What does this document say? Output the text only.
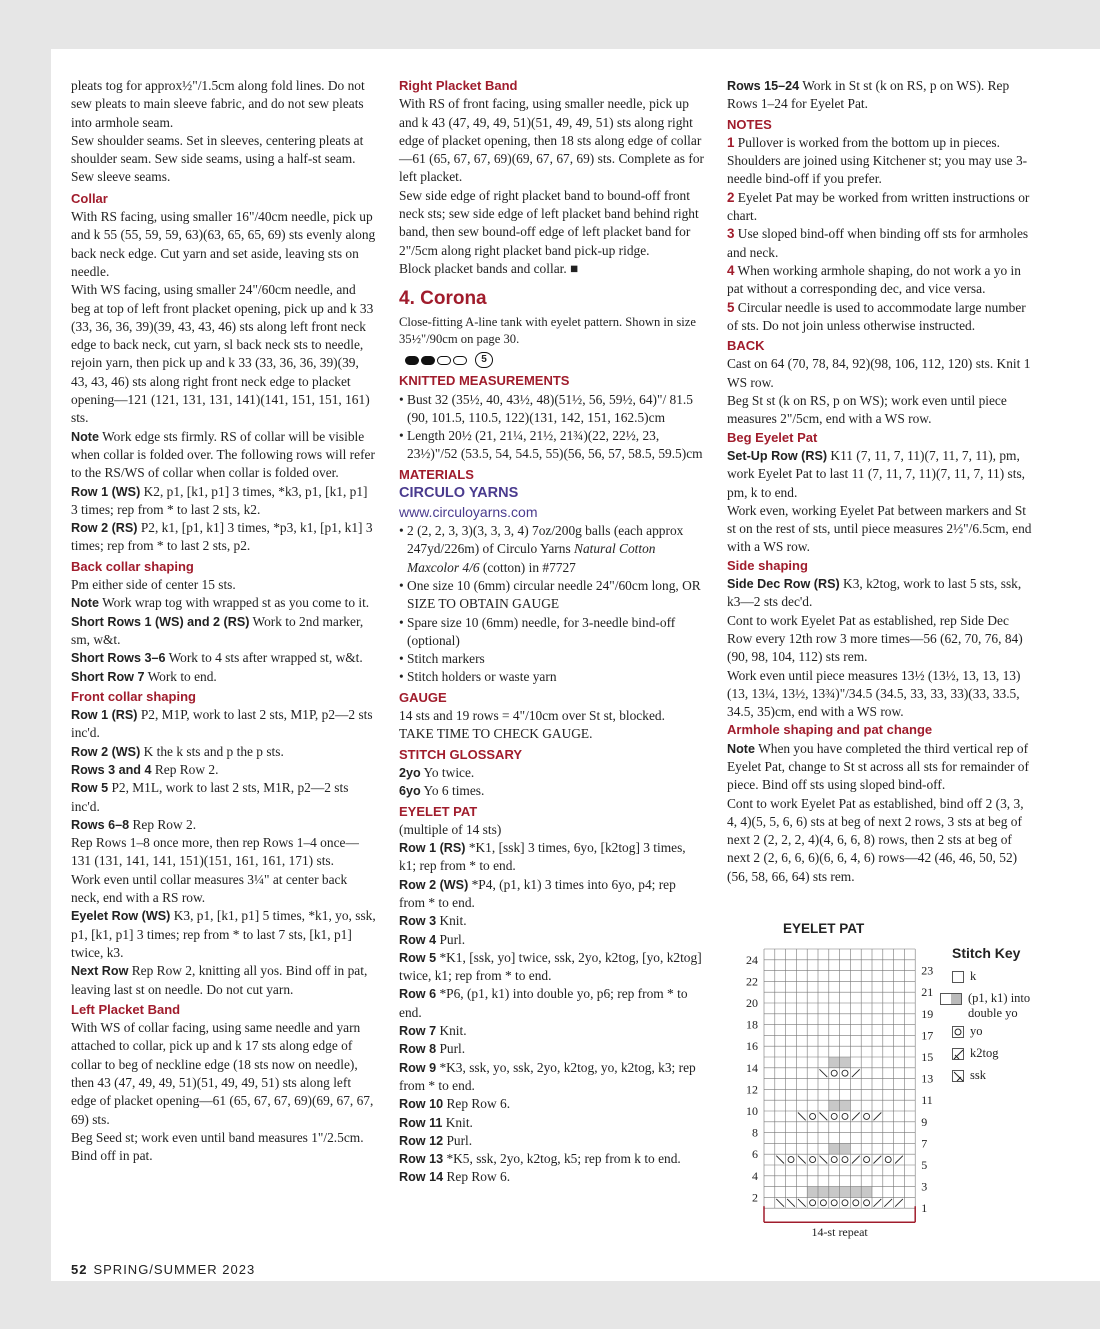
pleats tog for approx½"/1.5cm along fold lines. Do not sew pleats to main sleeve fabric, and do not sew pleats into armhole seam.

Sew shoulder seams. Set in sleeves, centering pleats at shoulder seam. Sew side seams, using a half-st seam. Sew sleeve seams.

Collar

With RS facing, using smaller 16"/40cm needle, pick up and k 55 (55, 59, 59, 63)(63, 65, 65, 69) sts evenly along back neck edge. Cut yarn and set aside, leaving sts on needle.

With WS facing, using smaller 24"/60cm needle, and beg at top of left front placket opening, pick up and k 33 (33, 36, 36, 39)(39, 43, 43, 46) sts along left front neck edge to back neck, cut yarn, sl back neck sts to needle, rejoin yarn, then pick up and k 33 (33, 36, 36, 39)(39, 43, 43, 46) sts along right front neck edge to placket opening—121 (121, 131, 131, 141)(141, 151, 151, 161) sts.

Note Work edge sts firmly. RS of collar will be visible when collar is folded over. The following rows will refer to the RS/WS of collar when collar is folded over.

Row 1 (WS) K2, p1, [k1, p1] 3 times, *k3, p1, [k1, p1] 3 times; rep from * to last 2 sts, k2.

Row 2 (RS) P2, k1, [p1, k1] 3 times, *p3, k1, [p1, k1] 3 times; rep from * to last 2 sts, p2.

Back collar shaping

Pm either side of center 15 sts.

Note Work wrap tog with wrapped st as you come to it.

Short Rows 1 (WS) and 2 (RS) Work to 2nd marker, sm, w&t.

Short Rows 3–6 Work to 4 sts after wrapped st, w&t.

Short Row 7 Work to end.

Front collar shaping

Row 1 (RS) P2, M1P, work to last 2 sts, M1P, p2—2 sts inc'd.

Row 2 (WS) K the k sts and p the p sts.

Rows 3 and 4 Rep Row 2.

Row 5 P2, M1L, work to last 2 sts, M1R, p2—2 sts inc'd.

Rows 6–8 Rep Row 2.

Rep Rows 1–8 once more, then rep Rows 1–4 once—131 (131, 141, 141, 151)(151, 161, 161, 171) sts.

Work even until collar measures 3¼" at center back neck, end with a RS row.

Eyelet Row (WS) K3, p1, [k1, p1] 5 times, *k1, yo, ssk, p1, [k1, p1] 3 times; rep from * to last 7 sts, [k1, p1] twice, k3.

Next Row Rep Row 2, knitting all yos. Bind off in pat, leaving last st on needle. Do not cut yarn.

Left Placket Band

With WS of collar facing, using same needle and yarn attached to collar, pick up and k 17 sts along edge of collar to beg of neckline edge (18 sts now on needle), then 43 (47, 49, 49, 51)(51, 49, 49, 51) sts along left edge of placket opening—61 (65, 67, 67, 69)(69, 67, 67, 69) sts.

Beg Seed st; work even until band measures 1"/2.5cm. Bind off in pat.

Right Placket Band

With RS of front facing, using smaller needle, pick up and k 43 (47, 49, 49, 51)(51, 49, 49, 51) sts along right edge of placket opening, then 18 sts along edge of collar—61 (65, 67, 67, 69)(69, 67, 67, 69) sts. Complete as for left placket.

Sew side edge of right placket band to bound-off front neck sts; sew side edge of left placket band behind right band, then sew bound-off edge of left placket band for 2"/5cm along right placket band pick-up ridge.

Block placket bands and collar. ■

4. Corona

Close-fitting A-line tank with eyelet pattern. Shown in size 35½"/90cm on page 30.

5
KNITTED MEASUREMENTS
• Bust 32 (35½, 40, 43½, 48)(51½, 56, 59½, 64)"/ 81.5 (90, 101.5, 110.5, 122)(131, 142, 151, 162.5)cm
• Length 20½ (21, 21¼, 21½, 21¾)(22, 22½, 23, 23½)"/52 (53.5, 54, 54.5, 55)(56, 56, 57, 58.5, 59.5)cm
MATERIALS
CIRCULO YARNS
www.circuloyarns.com
• 2 (2, 2, 3, 3)(3, 3, 3, 4) 7oz/200g balls (each approx 247yd/226m) of Circulo Yarns Natural Cotton Maxcolor 4/6 (cotton) in #7727
• One size 10 (6mm) circular needle 24"/60cm long, OR SIZE TO OBTAIN GAUGE
• Spare size 10 (6mm) needle, for 3-needle bind-off (optional)
• Stitch markers
• Stitch holders or waste yarn
GAUGE

14 sts and 19 rows = 4"/10cm over St st, blocked.

TAKE TIME TO CHECK GAUGE.

STITCH GLOSSARY

2yo Yo twice.

6yo Yo 6 times.

EYELET PAT

(multiple of 14 sts)

Row 1 (RS) *K1, [ssk] 3 times, 6yo, [k2tog] 3 times, k1; rep from * to end.

Row 2 (WS) *P4, (p1, k1) 3 times into 6yo, p4; rep from * to end.

Row 3 Knit.

Row 4 Purl.

Row 5 *K1, [ssk, yo] twice, ssk, 2yo, k2tog, [yo, k2tog] twice, k1; rep from * to end.

Row 6 *P6, (p1, k1) into double yo, p6; rep from * to end.

Row 7 Knit.

Row 8 Purl.

Row 9 *K3, ssk, yo, ssk, 2yo, k2tog, yo, k2tog, k3; rep from * to end.

Row 10 Rep Row 6.

Row 11 Knit.

Row 12 Purl.

Row 13 *K5, ssk, 2yo, k2tog, k5; rep from k to end.

Row 14 Rep Row 6.

Rows 15–24 Work in St st (k on RS, p on WS). Rep Rows 1–24 for Eyelet Pat.

NOTES

1 Pullover is worked from the bottom up in pieces. Shoulders are joined using Kitchener st; you may use 3-needle bind-off if you prefer.

2 Eyelet Pat may be worked from written instructions or chart.

3 Use sloped bind-off when binding off sts for armholes and neck.

4 When working armhole shaping, do not work a yo in pat without a corresponding dec, and vice versa.

5 Circular needle is used to accommodate large number of sts. Do not join unless otherwise instructed.

BACK

Cast on 64 (70, 78, 84, 92)(98, 106, 112, 120) sts. Knit 1 WS row.

Beg St st (k on RS, p on WS); work even until piece measures 2"/5cm, end with a WS row.

Beg Eyelet Pat

Set-Up Row (RS) K11 (7, 11, 7, 11)(7, 11, 7, 11), pm, work Eyelet Pat to last 11 (7, 11, 7, 11)(7, 11, 7, 11) sts, pm, k to end.

Work even, working Eyelet Pat between markers and St st on the rest of sts, until piece measures 2½"/6.5cm, end with a WS row.

Side shaping

Side Dec Row (RS) K3, k2tog, work to last 5 sts, ssk, k3—2 sts dec'd.

Cont to work Eyelet Pat as established, rep Side Dec Row every 12th row 3 more times—56 (62, 70, 76, 84)(90, 98, 104, 112) sts rem.

Work even until piece measures 13½ (13½, 13, 13, 13)(13, 13¼, 13½, 13¾)"/34.5 (34.5, 33, 33, 33)(33, 33.5, 34.5, 35)cm, end with a WS row.

Armhole shaping and pat change

Note When you have completed the third vertical rep of Eyelet Pat, change to St st across all sts for remainder of piece. Bind off sts using sloped bind-off.

Cont to work Eyelet Pat as established, bind off 2 (3, 3, 4, 4)(5, 5, 6, 6) sts at beg of next 2 rows, 3 sts at beg of next 2 (2, 2, 2, 4)(4, 6, 6, 8) rows, then 2 sts at beg of next 2 (2, 6, 6, 6)(6, 6, 4, 6) rows—42 (46, 46, 50, 52)(56, 58, 66, 64) sts rem.

EYELET PAT
24
22
20
18
16
14
12
10
8
6
4
2
23
21
19
17
15
13
11
9
7
5
3
1
14-st repeat
Stitch Key
k
(p1, k1) into double yo
yo
k2tog
ssk
52 SPRING/SUMMER 2023
